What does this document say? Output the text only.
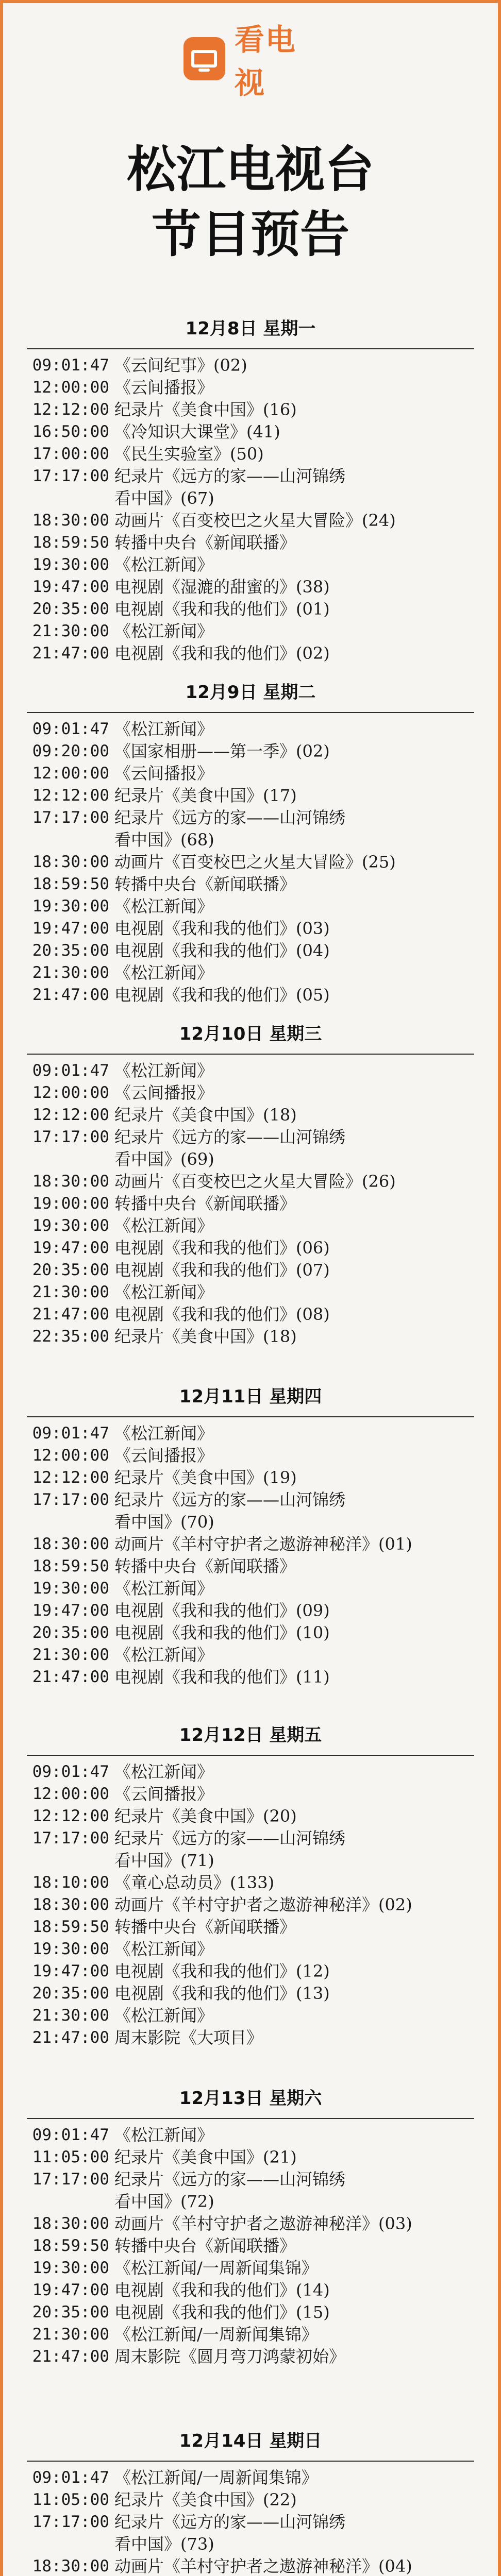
看电视
松江电视台
节目预告
12月8日 星期一
09:01:47 《云间纪事》(02)
12:00:00 《云间播报》
12:12:00 纪录片《美食中国》(16)
16:50:00 《冷知识大课堂》(41)
17:00:00 《民生实验室》(50)
17:17:00 纪录片《远方的家——山河锦绣
看中国》(67)
18:30:00 动画片《百变校巴之火星大冒险》(24)
18:59:50 转播中央台《新闻联播》
19:30:00 《松江新闻》
19:47:00 电视剧《湿漉的甜蜜的》(38)
20:35:00 电视剧《我和我的他们》(01)
21:30:00 《松江新闻》
21:47:00 电视剧《我和我的他们》(02)
12月9日 星期二
09:01:47 《松江新闻》
09:20:00 《国家相册——第一季》(02)
12:00:00 《云间播报》
12:12:00 纪录片《美食中国》(17)
17:17:00 纪录片《远方的家——山河锦绣
看中国》(68)
18:30:00 动画片《百变校巴之火星大冒险》(25)
18:59:50 转播中央台《新闻联播》
19:30:00 《松江新闻》
19:47:00 电视剧《我和我的他们》(03)
20:35:00 电视剧《我和我的他们》(04)
21:30:00 《松江新闻》
21:47:00 电视剧《我和我的他们》(05)
12月10日 星期三
09:01:47 《松江新闻》
12:00:00 《云间播报》
12:12:00 纪录片《美食中国》(18)
17:17:00 纪录片《远方的家——山河锦绣
看中国》(69)
18:30:00 动画片《百变校巴之火星大冒险》(26)
19:00:00 转播中央台《新闻联播》
19:30:00 《松江新闻》
19:47:00 电视剧《我和我的他们》(06)
20:35:00 电视剧《我和我的他们》(07)
21:30:00 《松江新闻》
21:47:00 电视剧《我和我的他们》(08)
22:35:00 纪录片《美食中国》(18)
12月11日 星期四
09:01:47 《松江新闻》
12:00:00 《云间播报》
12:12:00 纪录片《美食中国》(19)
17:17:00 纪录片《远方的家——山河锦绣
看中国》(70)
18:30:00 动画片《羊村守护者之遨游神秘洋》(01)
18:59:50 转播中央台《新闻联播》
19:30:00 《松江新闻》
19:47:00 电视剧《我和我的他们》(09)
20:35:00 电视剧《我和我的他们》(10)
21:30:00 《松江新闻》
21:47:00 电视剧《我和我的他们》(11)
12月12日 星期五
09:01:47 《松江新闻》
12:00:00 《云间播报》
12:12:00 纪录片《美食中国》(20)
17:17:00 纪录片《远方的家——山河锦绣
看中国》(71)
18:10:00 《童心总动员》(133)
18:30:00 动画片《羊村守护者之遨游神秘洋》(02)
18:59:50 转播中央台《新闻联播》
19:30:00 《松江新闻》
19:47:00 电视剧《我和我的他们》(12)
20:35:00 电视剧《我和我的他们》(13)
21:30:00 《松江新闻》
21:47:00 周末影院《大项目》
12月13日 星期六
09:01:47 《松江新闻》
11:05:00 纪录片《美食中国》(21)
17:17:00 纪录片《远方的家——山河锦绣
看中国》(72)
18:30:00 动画片《羊村守护者之遨游神秘洋》(03)
18:59:50 转播中央台《新闻联播》
19:30:00 《松江新闻/一周新闻集锦》
19:47:00 电视剧《我和我的他们》(14)
20:35:00 电视剧《我和我的他们》(15)
21:30:00 《松江新闻/一周新闻集锦》
21:47:00 周末影院《圆月弯刀鸿蒙初始》
12月14日 星期日
09:01:47 《松江新闻/一周新闻集锦》
11:05:00 纪录片《美食中国》(22)
17:17:00 纪录片《远方的家——山河锦绣
看中国》(73)
18:30:00 动画片《羊村守护者之遨游神秘洋》(04)
